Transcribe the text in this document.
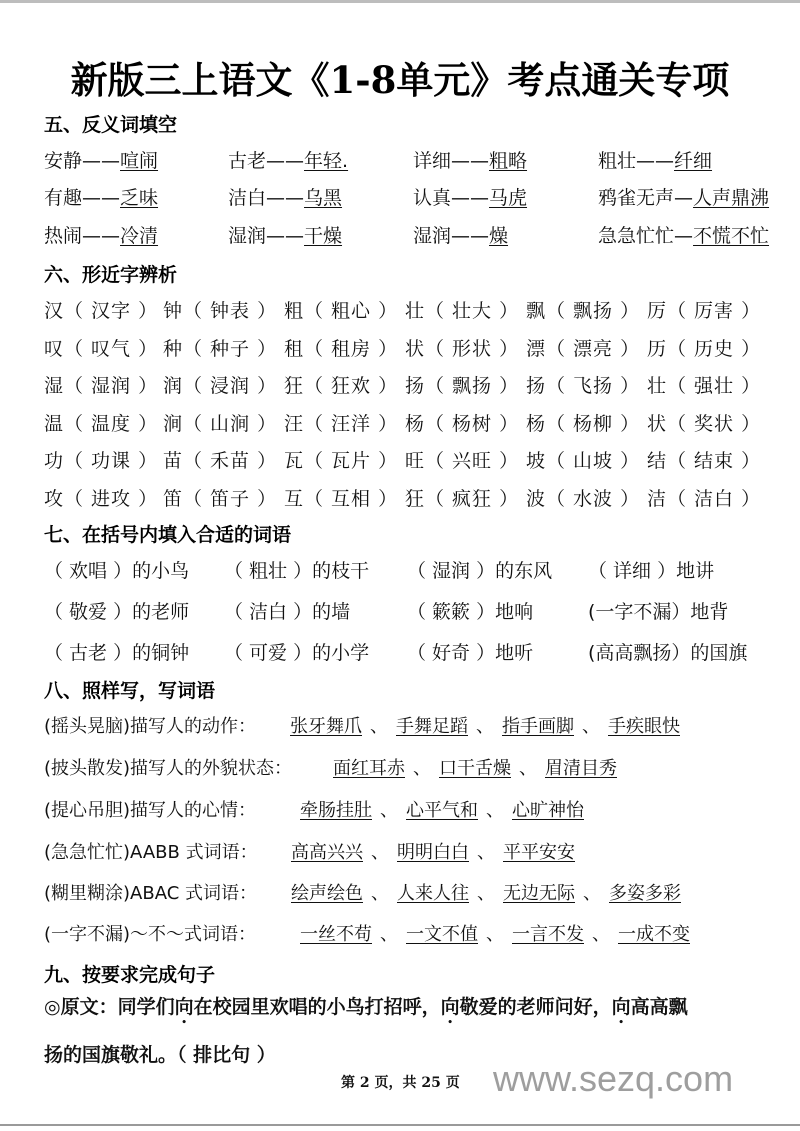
新版三上语文《1-8单元》考点通关专项
五、反义词填空
安静——喧闹	古老——年轻.	详细——粗略	粗壮——纤细
有趣——乏味	洁白——乌黑	认真——马虎	鸦雀无声—人声鼎沸
热闹——冷清	湿润——干燥	湿润——燥	急急忙忙—不慌不忙
六、形近字辨析
汉（ 汉字 ） 钟（ 钟表 ） 粗（ 粗心 ） 壮（ 壮大 ） 飘（ 飘扬 ） 厉（ 厉害 ）
叹（ 叹气 ） 种（ 种子 ） 租（ 租房 ） 状（ 形状 ） 漂（ 漂亮 ） 历（ 历史 ）
湿（ 湿润 ） 润（ 浸润 ） 狂（ 狂欢 ） 扬（ 飘扬 ） 扬（ 飞扬 ） 壮（ 强壮 ）
温（ 温度 ） 涧（ 山涧 ） 汪（ 汪洋 ） 杨（ 杨树 ） 杨（ 杨柳 ） 状（ 奖状 ）
功（ 功课 ） 苗（ 禾苗 ） 瓦（ 瓦片 ） 旺（ 兴旺 ） 坡（ 山坡 ） 结（ 结束 ）
攻（ 进攻 ） 笛（ 笛子 ） 互（ 互相 ） 狂（ 疯狂 ） 波（ 水波 ） 洁（ 洁白 ）
七、在括号内填入合适的词语
（ 欢唱 ）的小鸟 （ 粗壮 ）的枝干 （ 湿润 ）的东风 （ 详细 ）地讲
（ 敬爱 ）的老师 （ 洁白 ）的墙	（ 簌簌 ）地响	(一字不漏）地背
（ 古老 ）的铜钟 （ 可爱 ）的小学 （ 好奇 ）地听	(高高飘扬）的国旗
八、照样写，写词语
(摇头晃脑)描写人的动作： 张牙舞爪 、 手舞足蹈 、 指手画脚 、 手疾眼快
(披头散发)描写人的外貌状态： 面红耳赤 、 口干舌燥 、 眉清目秀
(提心吊胆)描写人的心情： 牵肠挂肚 、 心平气和 、 心旷神怡
(急急忙忙)AABB 式词语： 高高兴兴 、 明明白白 、 平平安安
(糊里糊涂)ABAC 式词语： 绘声绘色 、 人来人往 、 无边无际 、 多姿多彩
(一字不漏)～不～式词语： 一丝不苟 、 一文不值 、 一言不发 、 一成不变
九、按要求完成句子
◎原文：同学们向在校园里欢唱的小鸟打招呼，向敬爱的老师问好，向高高飘
扬的国旗敬礼。（ 排比句 ）
第 2 页，共 25 页 www.sezq.com
